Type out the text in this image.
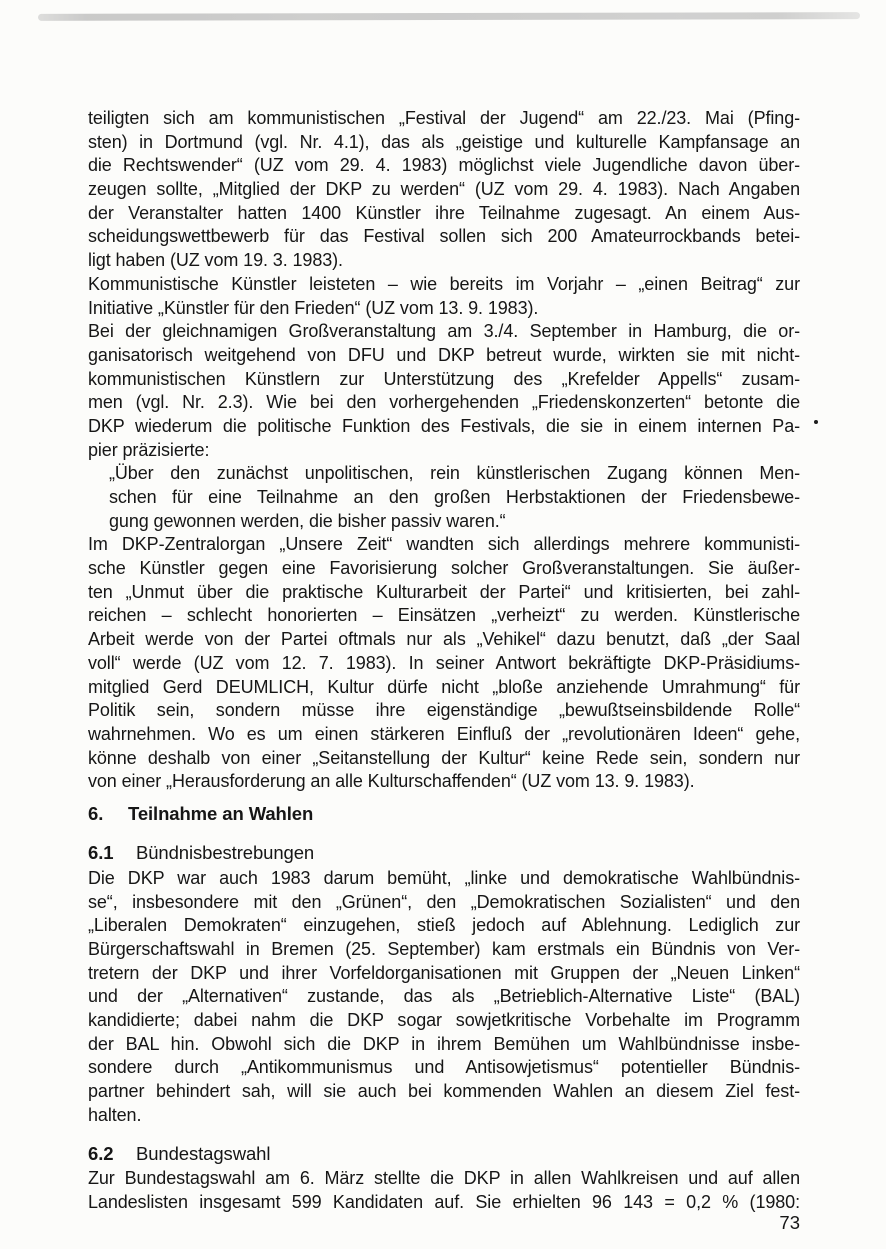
teiligten sich am kommunistischen „Festival der Jugend“ am 22./23. Mai (Pfing-
sten) in Dortmund (vgl. Nr. 4.1), das als „geistige und kulturelle Kampfansage an
die Rechtswender“ (UZ vom 29. 4. 1983) möglichst viele Jugendliche davon über-
zeugen sollte, „Mitglied der DKP zu werden“ (UZ vom 29. 4. 1983). Nach Angaben
der Veranstalter hatten 1400 Künstler ihre Teilnahme zugesagt. An einem Aus-
scheidungswettbewerb für das Festival sollen sich 200 Amateurrockbands betei-
ligt haben (UZ vom 19. 3. 1983).
Kommunistische Künstler leisteten – wie bereits im Vorjahr – „einen Beitrag“ zur
Initiative „Künstler für den Frieden“ (UZ vom 13. 9. 1983).
Bei der gleichnamigen Großveranstaltung am 3./4. September in Hamburg, die or-
ganisatorisch weitgehend von DFU und DKP betreut wurde, wirkten sie mit nicht-
kommunistischen Künstlern zur Unterstützung des „Krefelder Appells“ zusam-
men (vgl. Nr. 2.3). Wie bei den vorhergehenden „Friedenskonzerten“ betonte die
DKP wiederum die politische Funktion des Festivals, die sie in einem internen Pa-
pier präzisierte:
„Über den zunächst unpolitischen, rein künstlerischen Zugang können Men-
schen für eine Teilnahme an den großen Herbstaktionen der Friedensbewe-
gung gewonnen werden, die bisher passiv waren.“
Im DKP-Zentralorgan „Unsere Zeit“ wandten sich allerdings mehrere kommunisti-
sche Künstler gegen eine Favorisierung solcher Großveranstaltungen. Sie äußer-
ten „Unmut über die praktische Kulturarbeit der Partei“ und kritisierten, bei zahl-
reichen – schlecht honorierten – Einsätzen „verheizt“ zu werden. Künstlerische
Arbeit werde von der Partei oftmals nur als „Vehikel“ dazu benutzt, daß „der Saal
voll“ werde (UZ vom 12. 7. 1983). In seiner Antwort bekräftigte DKP-Präsidiums-
mitglied Gerd DEUMLICH, Kultur dürfe nicht „bloße anziehende Umrahmung“ für
Politik sein, sondern müsse ihre eigenständige „bewußtseinsbildende Rolle“
wahrnehmen. Wo es um einen stärkeren Einfluß der „revolutionären Ideen“ gehe,
könne deshalb von einer „Seitanstellung der Kultur“ keine Rede sein, sondern nur
von einer „Herausforderung an alle Kulturschaffenden“ (UZ vom 13. 9. 1983).
6. Teilnahme an Wahlen
6.1 Bündnisbestrebungen
Die DKP war auch 1983 darum bemüht, „linke und demokratische Wahlbündnis-
se“, insbesondere mit den „Grünen“, den „Demokratischen Sozialisten“ und den
„Liberalen Demokraten“ einzugehen, stieß jedoch auf Ablehnung. Lediglich zur
Bürgerschaftswahl in Bremen (25. September) kam erstmals ein Bündnis von Ver-
tretern der DKP und ihrer Vorfeldorganisationen mit Gruppen der „Neuen Linken“
und der „Alternativen“ zustande, das als „Betrieblich-Alternative Liste“ (BAL)
kandidierte; dabei nahm die DKP sogar sowjetkritische Vorbehalte im Programm
der BAL hin. Obwohl sich die DKP in ihrem Bemühen um Wahlbündnisse insbe-
sondere durch „Antikommunismus und Antisowjetismus“ potentieller Bündnis-
partner behindert sah, will sie auch bei kommenden Wahlen an diesem Ziel fest-
halten.
6.2 Bundestagswahl
Zur Bundestagswahl am 6. März stellte die DKP in allen Wahlkreisen und auf allen
Landeslisten insgesamt 599 Kandidaten auf. Sie erhielten 96 143 = 0,2 % (1980:
73
